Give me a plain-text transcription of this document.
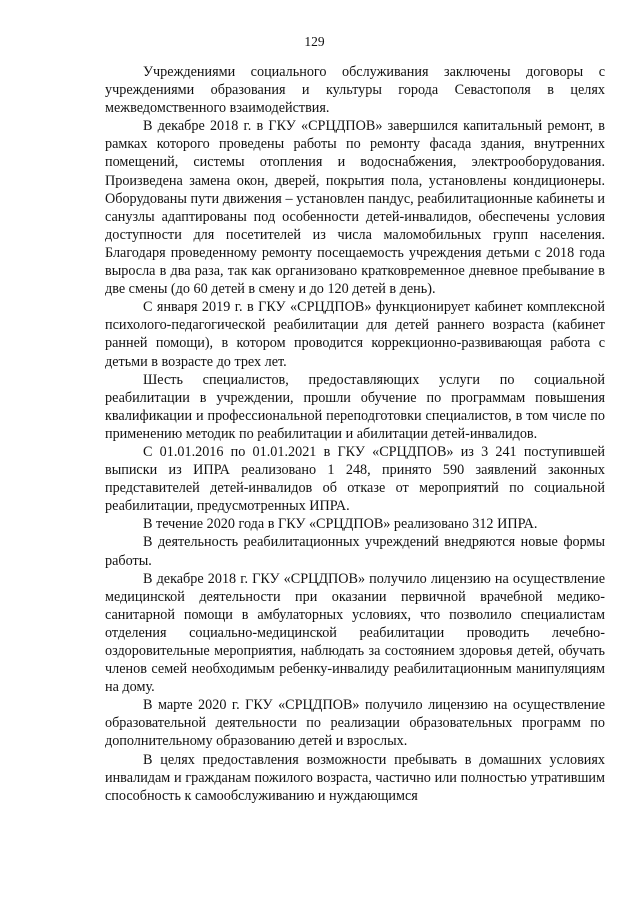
129

Учреждениями социального обслуживания заключены договоры с учреждениями образования и культуры города Севастополя в целях межведомственного взаимодействия.

В декабре 2018 г. в ГКУ «СРЦДПОВ» завершился капитальный ремонт, в рамках которого проведены работы по ремонту фасада здания, внутренних помещений, системы отопления и водоснабжения, электрооборудования. Произведена замена окон, дверей, покрытия пола, установлены кондиционеры. Оборудованы пути движения – установлен пандус, реабилитационные кабинеты и санузлы адаптированы под особенности детей-инвалидов, обеспечены условия доступности для посетителей из числа маломобильных групп населения. Благодаря проведенному ремонту посещаемость учреждения детьми с 2018 года выросла в два раза, так как организовано кратковременное дневное пребывание в две смены (до 60 детей в смену и до 120 детей в день).

С января 2019 г. в ГКУ «СРЦДПОВ» функционирует кабинет комплексной психолого-педагогической реабилитации для детей раннего возраста (кабинет ранней помощи), в котором проводится коррекционно-развивающая работа с детьми в возрасте до трех лет.

Шесть специалистов, предоставляющих услуги по социальной реабилитации в учреждении, прошли обучение по программам повышения квалификации и профессиональной переподготовки специалистов, в том числе по применению методик по реабилитации и абилитации детей-инвалидов.

С 01.01.2016 по 01.01.2021 в ГКУ «СРЦДПОВ» из 3 241 поступившей выписки из ИПРА реализовано 1 248, принято 590 заявлений законных представителей детей-инвалидов об отказе от мероприятий по социальной реабилитации, предусмотренных ИПРА.

В течение 2020 года в ГКУ «СРЦДПОВ» реализовано 312 ИПРА.

В деятельность реабилитационных учреждений внедряются новые формы работы.

В декабре 2018 г. ГКУ «СРЦДПОВ» получило лицензию на осуществление медицинской деятельности при оказании первичной врачебной медико-санитарной помощи в амбулаторных условиях, что позволило специалистам отделения социально-медицинской реабилитации проводить лечебно-оздоровительные мероприятия, наблюдать за состоянием здоровья детей, обучать членов семей необходимым ребенку-инвалиду реабилитационным манипуляциям на дому.

В марте 2020 г. ГКУ «СРЦДПОВ» получило лицензию на осуществление образовательной деятельности по реализации образовательных программ по дополнительному образованию детей и взрослых.

В целях предоставления возможности пребывать в домашних условиях инвалидам и гражданам пожилого возраста, частично или полностью утратившим способность к самообслуживанию и нуждающимся
